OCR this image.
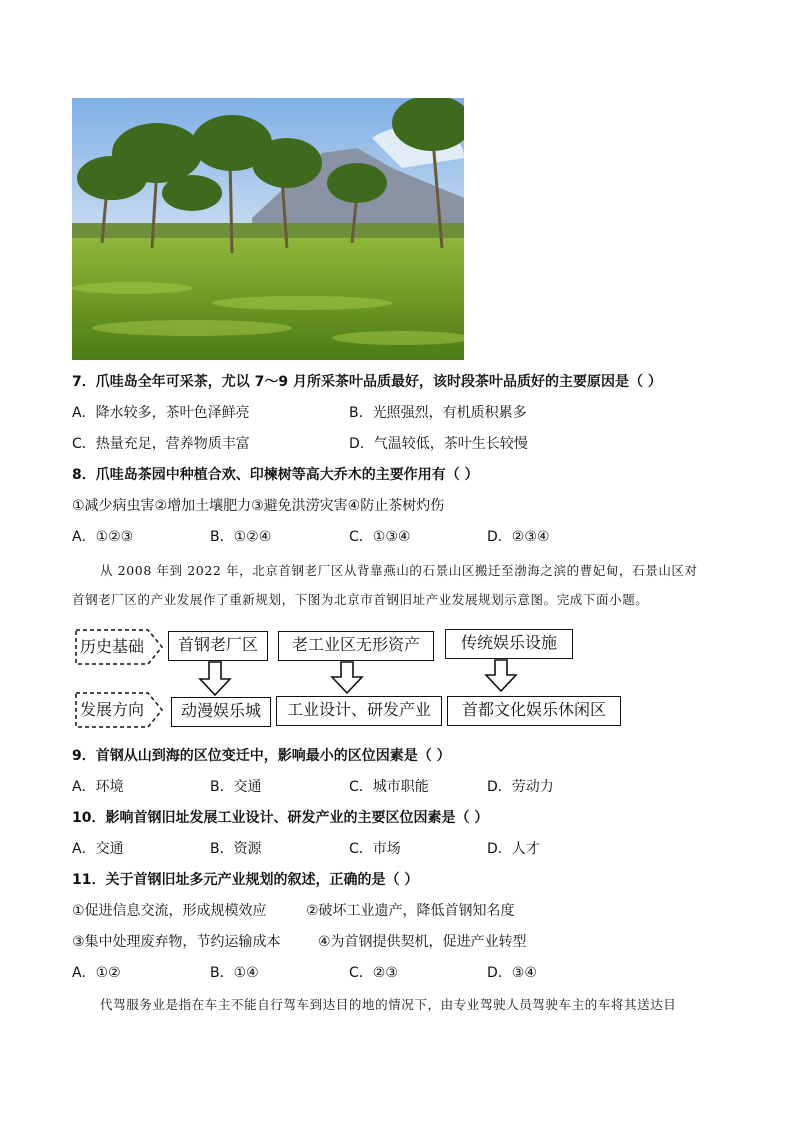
7．爪哇岛全年可采茶，尤以 7～9 月所采茶叶品质最好，该时段茶叶品质好的主要原因是（ ）
A．降水较多，茶叶色泽鲜亮	B．光照强烈，有机质积累多
C．热量充足，营养物质丰富	D．气温较低，茶叶生长较慢
8．爪哇岛茶园中种植合欢、印楝树等高大乔木的主要作用有（ ）
①减少病虫害②增加土壤肥力③避免洪涝灾害④防止茶树灼伤
A．①②③	B．①②④	C．①③④	D．②③④
从 2008 年到 2022 年，北京首钢老厂区从背靠燕山的石景山区搬迁至渤海之滨的曹妃甸，石景山区对
首钢老厂区的产业发展作了重新规划，下图为北京市首钢旧址产业发展规划示意图。完成下面小题。
历史基础
发展方向
首钢老厂区	老工业区无形资产	传统娱乐设施
动漫娱乐城	工业设计、研发产业	首都文化娱乐休闲区
9．首钢从山到海的区位变迁中，影响最小的区位因素是（ ）
A．环境	B．交通	C．城市职能	D．劳动力
10．影响首钢旧址发展工业设计、研发产业的主要区位因素是（ ）
A．交通	B．资源	C．市场	D．人才
11．关于首钢旧址多元产业规划的叙述，正确的是（ ）
①促进信息交流，形成规模效应	②破坏工业遗产，降低首钢知名度
③集中处理废弃物，节约运输成本	④为首钢提供契机，促进产业转型
A．①②	B．①④	C．②③	D．③④
代驾服务业是指在车主不能自行驾车到达目的地的情况下，由专业驾驶人员驾驶车主的车将其送达目
